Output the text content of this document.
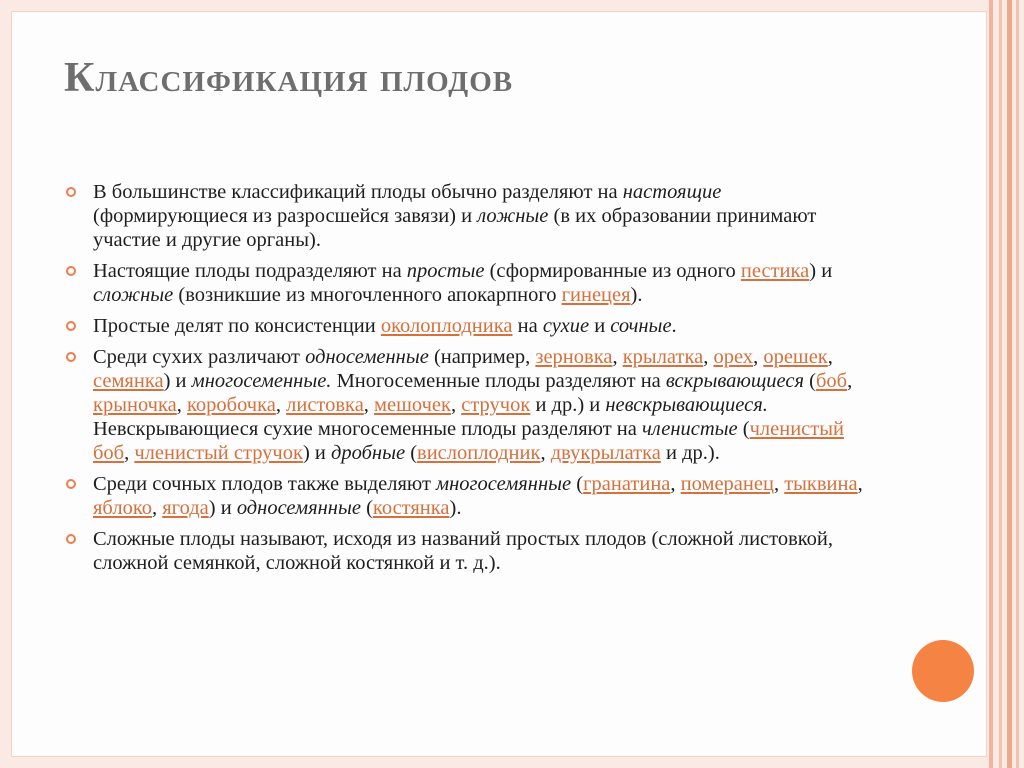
Классификация плодов
В большинстве классификаций плоды обычно разделяют на настоящие (формирующиеся из разросшейся завязи) и ложные (в их образовании принимают участие и другие органы).
Настоящие плоды подразделяют на простые (сформированные из одного пестика) и сложные (возникшие из многочленного апокарпного гинецея).
Простые делят по консистенции околоплодника на сухие и сочные.
Среди сухих различают односеменные (например, зерновка, крылатка, орех, орешек, семянка) и многосеменные. Многосеменные плоды разделяют на вскрывающиеся (боб, крыночка, коробочка, листовка, мешочек, стручок и др.) и невскрывающиеся. Невскрывающиеся сухие многосеменные плоды разделяют на членистые (членистый боб, членистый стручок) и дробные (вислоплодник, двукрылатка и др.).
Среди сочных плодов также выделяют многосемянные (гранатина, померанец, тыквина, яблоко, ягода) и односемянные (костянка).
Сложные плоды называют, исходя из названий простых плодов (сложной листовкой, сложной семянкой, сложной костянкой и т. д.).
